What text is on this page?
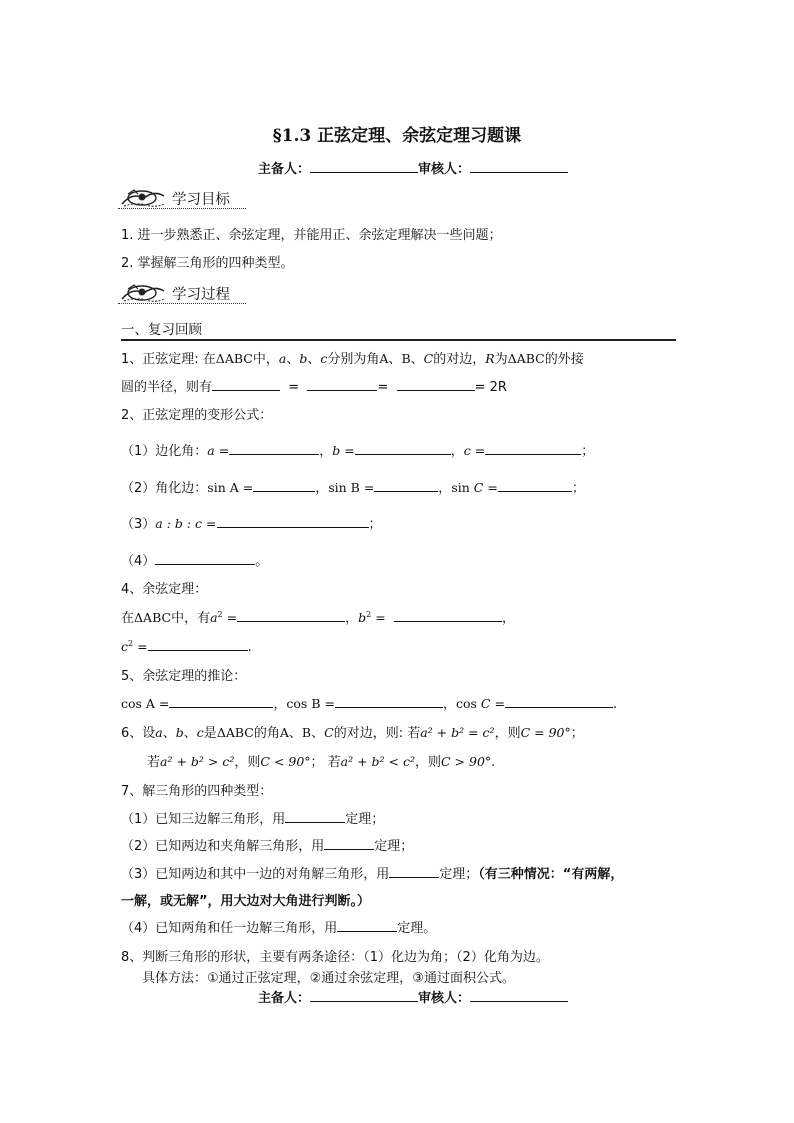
§1.3 正弦定理、余弦定理习题课
主备人：	审核人：
学习目标
1. 进一步熟悉正、余弦定理，并能用正、余弦定理解决一些问题；
2. 掌握解三角形的四种类型。
学习过程
一、复习回顾
1、正弦定理: 在ΔABC中，a、b、c分别为角A、B、C的对边，R为ΔABC的外接
圆的半径，则有	=	=	= 2R
2、正弦定理的变形公式：
（1）边化角：a =	，b =	，c =	；
（2）角化边：sin A =	，sin B =	，sin C =	；
（3）a : b : c =	；
（4）	。
4、余弦定理：
在ΔABC中，有$a^2$ =	，$b^2$ =	，
$c^2$ =	.
5、余弦定理的推论：
cos A =	，cos B =	，cos C =	.
6、设a、b、c是ΔABC的角A、B、C的对边，则: 若a² + b² = c²，则C = 90°；
若a² + b² > c²，则C < 90°； 若a² + b² < c²，则C > 90°.
7、解三角形的四种类型：
（1）已知三边解三角形，用	定理；
（2）已知两边和夹角解三角形，用	定理；
（3）已知两边和其中一边的对角解三角形，用	定理；（有三种情况：“有两解，
一解，或无解”，用大边对大角进行判断。）
（4）已知两角和任一边解三角形，用	定理。
8、判断三角形的形状，主要有两条途径：（1）化边为角；（2）化角为边。
具体方法：①通过正弦定理，②通过余弦定理，③通过面积公式。
主备人：	审核人：
